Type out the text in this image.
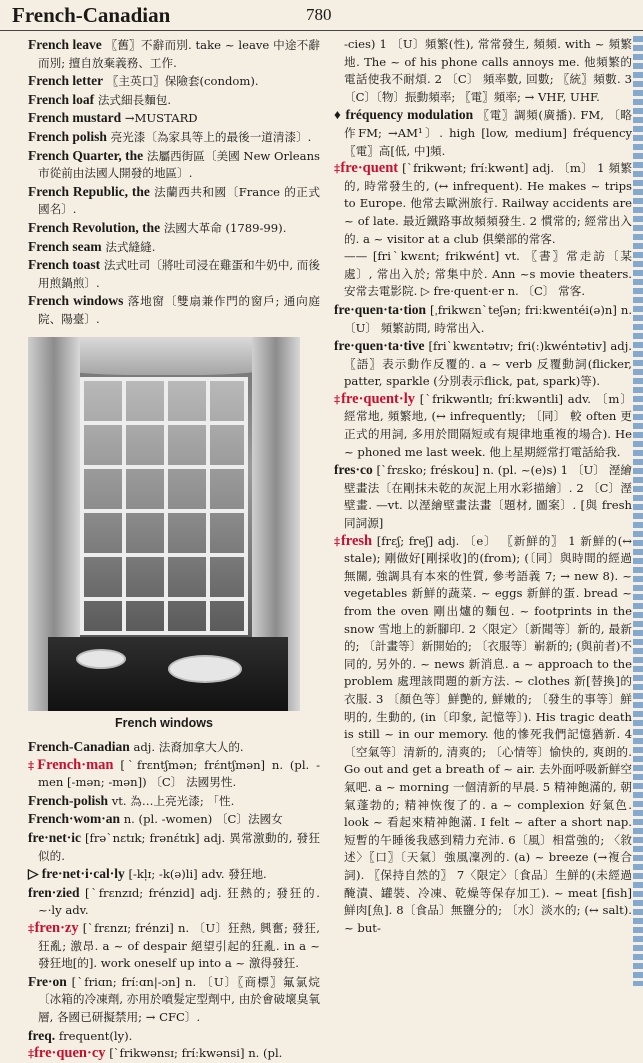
French-Canadian	780
French leave 〖舊〗不辭而別. take ~ leave 中途不辭而別; 擅自放棄義務、工作.
French letter 〖主英口〗保險套(condom).
French loaf 法式細長麵包.
French mustard →MUSTARD
French polish 亮光漆〔為家具等上的最後一道清漆〕.
French Quarter, the 法屬西街區〔美國 New Orleans 市從前由法國人開發的地區〕.
French Republic, the 法蘭西共和國〔France 的正式國名〕.
French Revolution, the 法國大革命 (1789-99).
French seam 法式縫縫.
French toast 法式吐司〔將吐司浸在雞蛋和牛奶中, 而後用煎鍋煎〕.
French windows 落地窗〔雙扇兼作門的窗戶; 通向庭院、陽臺〕.
French windows
French-Canadian adj. 法裔加拿大人的.
‡French·man [ˋfrɛntʃmən; frɛ́ntʃmən] n. (pl. -men [-mən; -mən]) 〔C〕 法國男性.
French-polish vt. 為…上亮光漆; 「性.
French·wom·an n. (pl. -women) 〔C〕法國女
fre·net·ic [frəˋnɛtɪk; frənɛ́tɪk] adj. 異常激動的, 發狂似的.
▷ fre·net·i·cal·ly [-kḷɪ; -k(ə)li] adv. 發狂地.
fren·zied [ˋfrɛnzɪd; frénzid] adj. 狂熱的; 發狂的. ~·ly adv.
‡fren·zy [ˋfrɛnzɪ; frénzi] n. 〔U〕狂熱, 興奮; 發狂, 狂亂; 激昂. a ~ of despair 絕望引起的狂亂. in a ~ 發狂地[的]. work oneself up into a ~ 激得發狂.
Fre·on [ˋfriɑn; fríːɑn|-ɔn] n. 〔U〕〖商標〗氟氯烷〔冰箱的冷凍劑, 亦用於噴髮定型劑中, 由於會破壞臭氧層, 各國已研擬禁用; → CFC〕.
freq. frequent(ly).
‡fre·quen·cy [ˋfrikwənsɪ; fríːkwənsi] n. (pl.
-cies) 1 〔U〕頻繁(性), 常常發生, 頻頻. with ~ 頻繁地. The ~ of his phone calls annoys me. 他頻繁的電話使我不耐煩. 2 〔C〕 頻率數, 回數; 〖統〗頻數. 3 〔C〕〔物〕振動頻率; 〖電〗頻率; → VHF, UHF.
♦ fréquency modulation 〖電〗調頻(廣播). FM, 〔略作FM; →AM¹〕. high [low, medium] fréquency 〖電〗高[低, 中]頻.
‡fre·quent [ˋfrikwənt; fríːkwənt] adj. 〔m〕 1 頻繁的, 時常發生的, (↔ infrequent). He makes ~ trips to Europe. 他常去歐洲旅行. Railway accidents are ~ of late. 最近鐵路事故頻頻發生. 2 慣常的; 經常出入的. a ~ visitor at a club 俱樂部的常客.
—— [friˋkwɛnt; frikwént] vt. 〖書〗常走訪〔某處〕, 常出入於; 常集中於. Ann ~s movie theaters. 安常去電影院. ▷ fre·quent·er n. 〔C〕 常客.
fre·quen·ta·tion [ˌfrikwɛnˋteʃən; friːkwentéi(ə)n] n. 〔U〕 頻繁訪問, 時常出入.
fre·quen·ta·tive [friˋkwɛntətɪv; fri(ː)kwéntətiv] adj. 〖語〗表示動作反覆的. a ~ verb 反覆動詞(flicker, patter, sparkle (分別表示flick, pat, spark)等).
‡fre·quent·ly [ˋfrikwəntlɪ; fríːkwəntli] adv. 〔m〕經常地, 頻繁地, (↔ infrequently; 〔同〕 較 often 更正式的用詞, 多用於間隔短或有規律地重複的場合). He ~ phoned me last week. 他上星期經常打電話給我.
fres·co [ˋfrɛsko; fréskou] n. (pl. ~(e)s) 1 〔U〕 溼繪壁畫法〔在剛抹未乾的灰泥上用水彩描繪〕. 2 〔C〕溼壁畫. —vt. 以溼繪壁畫法畫〔題材, 圖案〕. [與 fresh 同詞源]
‡fresh [frɛʃ; freʃ] adj. 〔e〕 〖新鮮的〗 1 新鮮的(↔ stale); 剛做好[剛採收]的(from); (〔同〕與時間的經過無關, 強調具有本來的性質, 參考語義 7; → new 8). ~ vegetables 新鮮的蔬菜. ~ eggs 新鮮的蛋. bread ~ from the oven 剛出爐的麵包. ~ footprints in the snow 雪地上的新腳印. 2〈限定〉〔新聞等〕新的, 最新的; 〔計畫等〕新開始的; 〔衣服等〕嶄新的; (與前者)不同的, 另外的. ~ news 新消息. a ~ approach to the problem 處理該問題的新方法. ~ clothes 新[替換]的衣服. 3 〔顏色等〕鮮艷的, 鮮嫩的; 〔發生的事等〕鮮明的, 生動的, (in〔印象, 記憶等〕). His tragic death is still ~ in our memory. 他的慘死我們記憶猶新. 4 〔空氣等〕清新的, 清爽的; 〔心情等〕愉快的, 爽朗的. Go out and get a breath of ~ air. 去外面呼吸新鮮空氣吧. a ~ morning 一個清新的早晨. 5 精神飽滿的, 朝氣蓬勃的; 精神恢復了的. a ~ complexion 好氣色. look ~ 看起來精神飽滿. I felt ~ after a short nap. 短暫的午睡後我感到精力充沛. 6〔風〕相當強的; 〈敘述〉〖口〗〔天氣〕強風凜冽的. (a) ~ breeze (→複合詞). 〖保持自然的〗 7〈限定〉〔食品〕生鮮的(未經過醃漬、罐裝、冷凍、乾燥等保存加工). ~ meat [fish] 鮮肉[魚]. 8〔食品〕無鹽分的; 〔水〕淡水的; (↔ salt). ~ but-
